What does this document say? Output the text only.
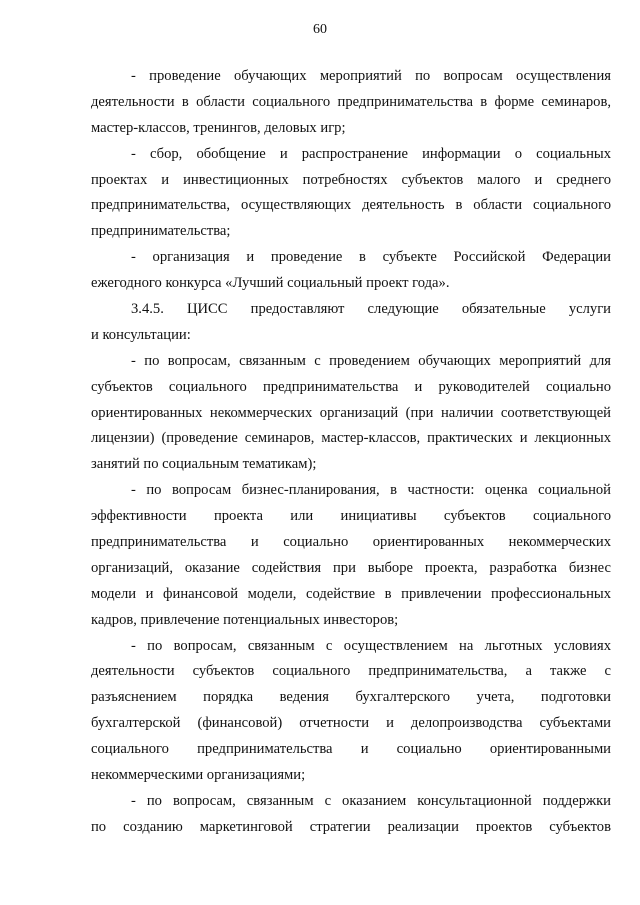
60
- проведение обучающих мероприятий по вопросам осуществления
деятельности в области социального предпринимательства в форме семинаров,
мастер-классов, тренингов, деловых игр;
- сбор, обобщение и распространение информации о социальных
проектах и инвестиционных потребностях субъектов малого и среднего
предпринимательства, осуществляющих деятельность в области социального
предпринимательства;
- организация и проведение в субъекте Российской Федерации
ежегодного конкурса «Лучший социальный проект года».
3.4.5. ЦИСС предоставляют следующие обязательные услуги
и консультации:
- по вопросам, связанным с проведением обучающих мероприятий для
субъектов социального предпринимательства и руководителей социально
ориентированных некоммерческих организаций (при наличии соответствующей
лицензии) (проведение семинаров, мастер-классов, практических и лекционных
занятий по социальным тематикам);
- по вопросам бизнес-планирования, в частности: оценка социальной
эффективности проекта или инициативы субъектов социального
предпринимательства и социально ориентированных некоммерческих
организаций, оказание содействия при выборе проекта, разработка бизнес
модели и финансовой модели, содействие в привлечении профессиональных
кадров, привлечение потенциальных инвесторов;
- по вопросам, связанным с осуществлением на льготных условиях
деятельности субъектов социального предпринимательства, а также с
разъяснением порядка ведения бухгалтерского учета, подготовки
бухгалтерской (финансовой) отчетности и делопроизводства субъектами
социального предпринимательства и социально ориентированными
некоммерческими организациями;
- по вопросам, связанным с оказанием консультационной поддержки
по созданию маркетинговой стратегии реализации проектов субъектов
